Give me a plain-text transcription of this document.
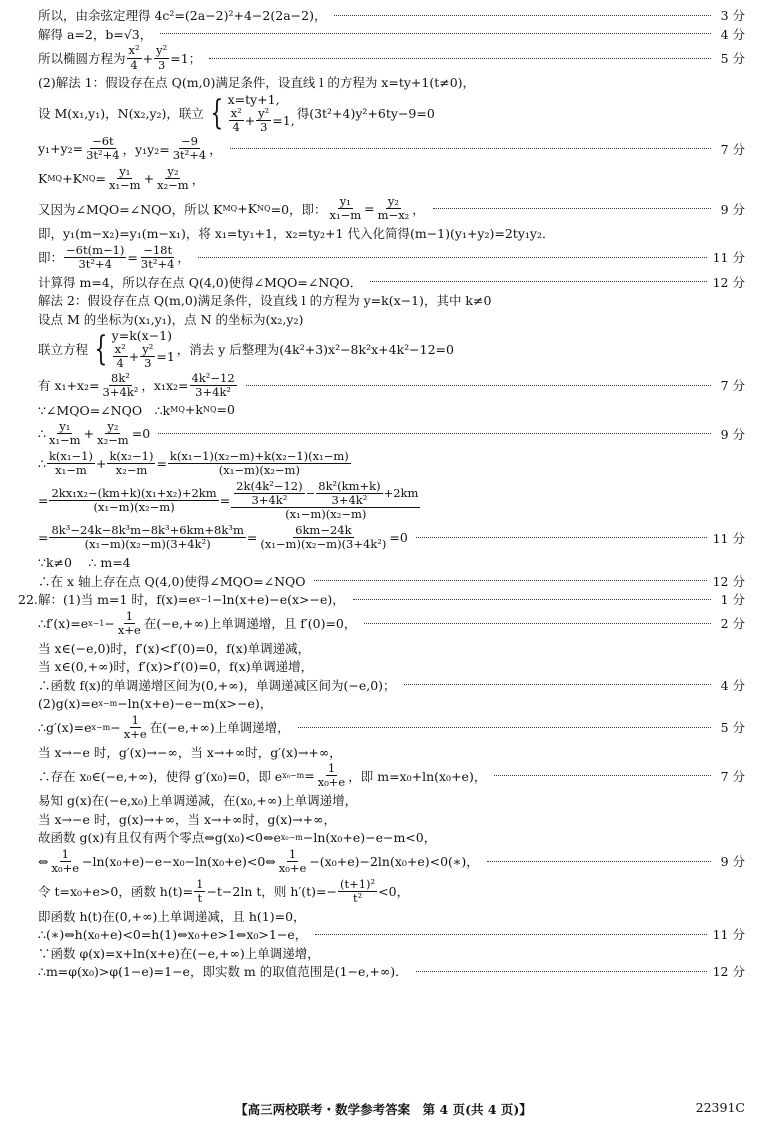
所以，由余弦定理得 4c²=(2a−2)²+4−2(2a−2)，	3 分
解得 a=2，b=√3，	4 分
所以椭圆方程为 $\frac{\text{x²}}{4} + \frac{\text{y²}}{3} =1$；	5 分
(2)解法 1：假设存在点 Q(m,0)满足条件，设直线 l 的方程为 x=ty+1(t≠0)，
设 M(x₁,y₁)，N(x₂,y₂)，联立 { x=ty+1,
$\frac{\text{x²}}{4} + \frac{\text{y²}}{3} =1$, 得(3t²+4)y²+6ty−9=0
$y_1+y_2= \frac{-6t}{\text{3t²+4}}$ ，$y_1y_2= \frac{-9}{\text{3t²+4}}$ ，	7 分
K MQ +K NQ = $\frac{\text{y₁}}{\text{x₁−m}} + \frac{\text{y₂}}{\text{x₂−m}}$ ，
又因为∠MQO=∠NQO，所以 K MQ +K NQ =0，即： $\frac{\text{y₁}}{\text{x₁−m}} = \frac{\text{y₂}}{\text{m−x₂}}$ ，	9 分
即，y₁(m−x₂)=y₁(m−x₁)，将 x₁=ty₁+1，x₂=ty₂+1 代入化简得(m−1)(y₁+y₂)=2ty₁y₂．
即： $\frac{-6t(m-1)}{\text{3t²+4}} = \frac{-18t}{\text{3t²+4}}$ ，	11 分
计算得 m=4，所以存在点 Q(4,0)使得∠MQO=∠NQO．	12 分
解法 2：假设存在点 Q(m,0)满足条件，设直线 l 的方程为 y=k(x−1)，其中 k≠0
设点 M 的坐标为(x₁,y₁)，点 N 的坐标为(x₂,y₂)
联立方程 { y=k(x−1)
$\frac{\text{x²}}{4} + \frac{\text{y²}}{3} =1$ ，消去 y 后整理为(4k²+3)x²−8k²x+4k²−12=0
有 $x_1+x_2= \frac{\text{8k²}}{\text{3+4k²}}$ ，$x_1x_2= \frac{\text{4k²−12}}{\text{3+4k²}}$	7 分
∵∠MQO=∠NQO　∴k MQ +k NQ =0
∴ $\frac{\text{y₁}}{\text{x₁−m}} + \frac{\text{y₂}}{\text{x₂−m}} =0$	9 分
∴ $\frac{\text{k(x₁−1)}}{\text{x₁−m}} + \frac{\text{k(x₂−1)}}{\text{x₂−m}} = \frac{\text{k(x₁−1)(x₂−m)+k(x₂−1)(x₁−m)}}{\text{(x₁−m)(x₂−m)}}$
= $\frac{\text{2kx₁x₂−(km+k)(x₁+x₂)+2km}}{\text{(x₁−m)(x₂−m)}} = \frac{\frac{\text{2k(4k²−12)}}{\text{3+4k²}} - \frac{\text{8k²(km+k)}}{\text{3+4k²}} +2km}{\text{(x₁−m)(x₂−m)}}$
= $\frac{\text{8k³−24k−8k³m−8k³+6km+8k³m}}{\text{(x₁−m)(x₂−m)(3+4k²)}} = \frac{6km-24k}{\text{(x₁−m)(x₂−m)(3+4k²)}} =0$	11 分
∵k≠0　 ∴ m=4
∴在 x 轴上存在点 Q(4,0)使得∠MQO=∠NQO	12 分
22. 解：(1)当 m=1 时，f(x)=e x−1 −ln(x+e)−e(x>−e)，	1 分
∴f′(x)=e $x-1 - \frac{1}{x+e}$ 在(−e,+∞)上单调递增，且 f′(0)=0，	2 分
当 x∈(−e,0)时，f′(x)<f′(0)=0，f(x)单调递减，
当 x∈(0,+∞)时，f′(x)>f′(0)=0，f(x)单调递增，
∴函数 f(x)的单调递增区间为(0,+∞)，单调递减区间为(−e,0)；	4 分
(2)g(x)=e x−m −ln(x+e)−e−m(x>−e)，
∴g′(x)=e $x-m - \frac{1}{x+e}$ 在(−e,+∞)上单调递增，	5 分
当 x→−e 时，g′(x)→−∞，当 x→+∞时，g′(x)→+∞，
∴存在 x₀∈(−e,+∞)，使得 g′(x₀)=0，即 e $x_0-m = \frac{1}{\text{x₀+e}}$ ，即 m=x₀+ln(x₀+e)，	7 分
易知 g(x)在(−e,x₀)上单调递减，在(x₀,+∞)上单调递增，
当 x→−e 时，g(x)→+∞，当 x→+∞时，g(x)→+∞，
故函数 g(x)有且仅有两个零点⇔g(x₀)<0⇔e x₀−m −ln(x₀+e)−e−m<0，
⇔ $\frac{1}{\text{x₀+e}}$ −ln(x₀+e)−e−x₀−ln(x₀+e)<0⇔ $\frac{1}{\text{x₀+e}}$ −(x₀+e)−2ln(x₀+e)<0(∗)，	9 分
令 t=x₀+e>0，函数 $h(t)= \frac{1}{t} -t-2\ln$ t，则 $h'(t)=- \frac{\text{(t+1)²}}{\text{t²}} <0$，
即函数 h(t)在(0,+∞)上单调递减，且 h(1)=0，
∴(∗)⇔h(x₀+e)<0=h(1)⇔x₀+e>1⇔x₀>1−e，	11 分
∵函数 φ(x)=x+ln(x+e)在(−e,+∞)上单调递增，
∴m=φ(x₀)>φ(1−e)=1−e，即实数 m 的取值范围是(1−e,+∞)．	12 分
【高三两校联考・数学参考答案　第 4 页(共 4 页)】	22391C
